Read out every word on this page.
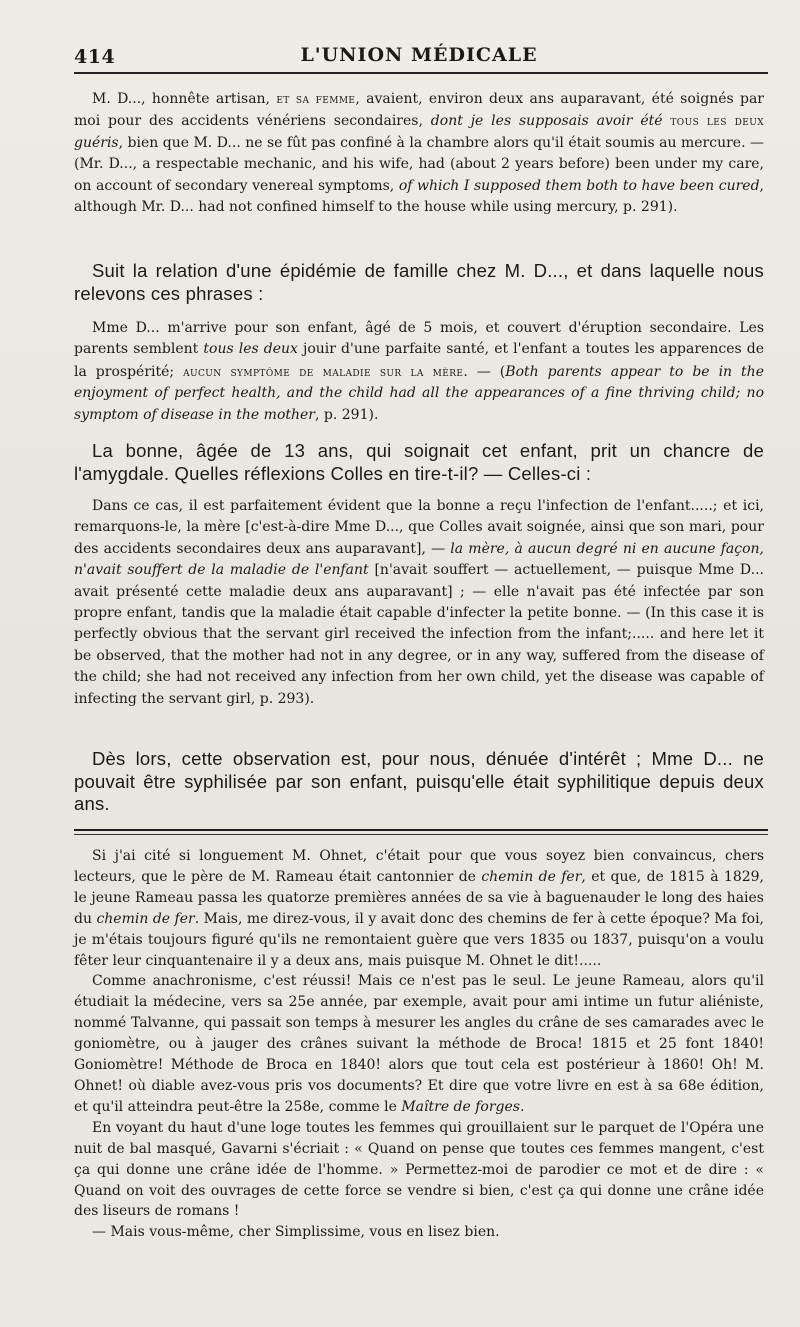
414	L'UNION MÉDICALE

M. D..., honnête artisan, et sa femme, avaient, environ deux ans auparavant, été soignés par moi pour des accidents vénériens secondaires, dont je les supposais avoir été tous les deux guéris, bien que M. D... ne se fût pas confiné à la chambre alors qu'il était soumis au mercure. — (Mr. D..., a respectable mechanic, and his wife, had (about 2 years before) been under my care, on account of secondary venereal symptoms, of which I supposed them both to have been cured, although Mr. D... had not confined himself to the house while using mercury, p. 291).

Suit la relation d'une épidémie de famille chez M. D..., et dans laquelle nous relevons ces phrases :

Mme D... m'arrive pour son enfant, âgé de 5 mois, et couvert d'éruption secondaire. Les parents semblent tous les deux jouir d'une parfaite santé, et l'enfant a toutes les apparences de la prospérité; aucun symptôme de maladie sur la mère. — (Both parents appear to be in the enjoyment of perfect health, and the child had all the appearances of a fine thriving child; no symptom of disease in the mother, p. 291).

La bonne, âgée de 13 ans, qui soignait cet enfant, prit un chancre de l'amygdale. Quelles réflexions Colles en tire-t-il? — Celles-ci :

Dans ce cas, il est parfaitement évident que la bonne a reçu l'infection de l'enfant.....; et ici, remarquons-le, la mère [c'est-à-dire Mme D..., que Colles avait soignée, ainsi que son mari, pour des accidents secondaires deux ans auparavant], — la mère, à aucun degré ni en aucune façon, n'avait souffert de la maladie de l'enfant [n'avait souffert — actuellement, — puisque Mme D... avait présenté cette maladie deux ans auparavant] ; — elle n'avait pas été infectée par son propre enfant, tandis que la maladie était capable d'infecter la petite bonne. — (In this case it is perfectly obvious that the servant girl received the infection from the infant;..... and here let it be observed, that the mother had not in any degree, or in any way, suffered from the disease of the child; she had not received any infection from her own child, yet the disease was capable of infecting the servant girl, p. 293).

Dès lors, cette observation est, pour nous, dénuée d'intérêt ; Mme D... ne pouvait être syphilisée par son enfant, puisqu'elle était syphilitique depuis deux ans.

Si j'ai cité si longuement M. Ohnet, c'était pour que vous soyez bien convaincus, chers lecteurs, que le père de M. Rameau était cantonnier de chemin de fer, et que, de 1815 à 1829, le jeune Rameau passa les quatorze premières années de sa vie à baguenauder le long des haies du chemin de fer. Mais, me direz-vous, il y avait donc des chemins de fer à cette époque? Ma foi, je m'étais toujours figuré qu'ils ne remontaient guère que vers 1835 ou 1837, puisqu'on a voulu fêter leur cinquantenaire il y a deux ans, mais puisque M. Ohnet le dit!.....

Comme anachronisme, c'est réussi! Mais ce n'est pas le seul. Le jeune Rameau, alors qu'il étudiait la médecine, vers sa 25e année, par exemple, avait pour ami intime un futur aliéniste, nommé Talvanne, qui passait son temps à mesurer les angles du crâne de ses camarades avec le goniomètre, ou à jauger des crânes suivant la méthode de Broca! 1815 et 25 font 1840! Goniomètre! Méthode de Broca en 1840! alors que tout cela est postérieur à 1860! Oh! M. Ohnet! où diable avez-vous pris vos documents? Et dire que votre livre en est à sa 68e édition, et qu'il atteindra peut-être la 258e, comme le Maître de forges.

En voyant du haut d'une loge toutes les femmes qui grouillaient sur le parquet de l'Opéra une nuit de bal masqué, Gavarni s'écriait : « Quand on pense que toutes ces femmes mangent, c'est ça qui donne une crâne idée de l'homme. » Permettez-moi de parodier ce mot et de dire : « Quand on voit des ouvrages de cette force se vendre si bien, c'est ça qui donne une crâne idée des liseurs de romans !

— Mais vous-même, cher Simplissime, vous en lisez bien.
